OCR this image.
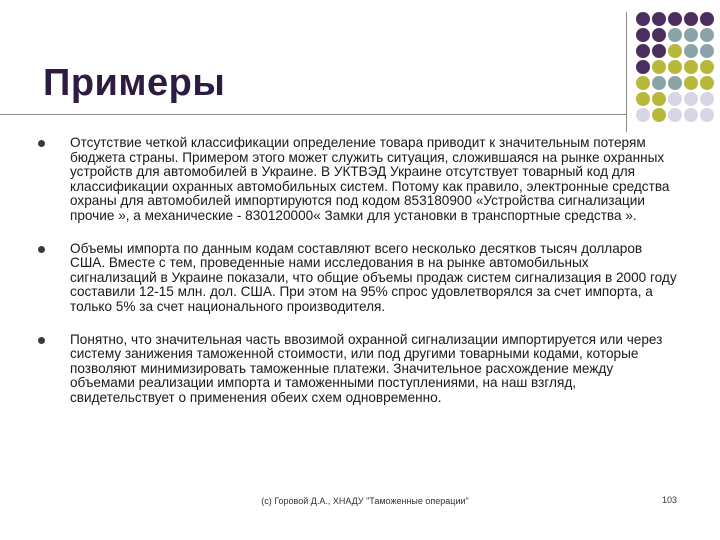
Примеры
Отсутствие четкой классификации определение товара приводит к значительным потерям бюджета страны. Примером этого может служить ситуация, сложившаяся на рынке охранных устройств для автомобилей в Украине. В УКТВЭД Украине отсутствует товарный код для классификации охранных автомобильных систем. Потому как правило, электронные средства охраны для автомобилей импортируются под кодом 853180900 «Устройства сигнализации прочие », а механические - 830120000« Замки для установки в транспортные средства ».
Объемы импорта по данным кодам составляют всего несколько десятков тысяч долларов США. Вместе с тем, проведенные нами исследования в на рынке автомобильных сигнализаций в Украине показали, что общие объемы продаж систем сигнализация в 2000 году составили 12-15 млн. дол. США. При этом на 95% спрос удовлетворялся за счет импорта, а только 5% за счет национального производителя.
Понятно, что значительная часть ввозимой охранной сигнализации импортируется или через систему занижения таможенной стоимости, или под другими товарными кодами, которые позволяют минимизировать таможенные платежи. Значительное расхождение между объемами реализации импорта и таможенными поступлениями, на наш взгляд, свидетельствует о применения обеих схем одновременно.
(c) Горовой Д.А., ХНАДУ "Таможенные операции"	103
